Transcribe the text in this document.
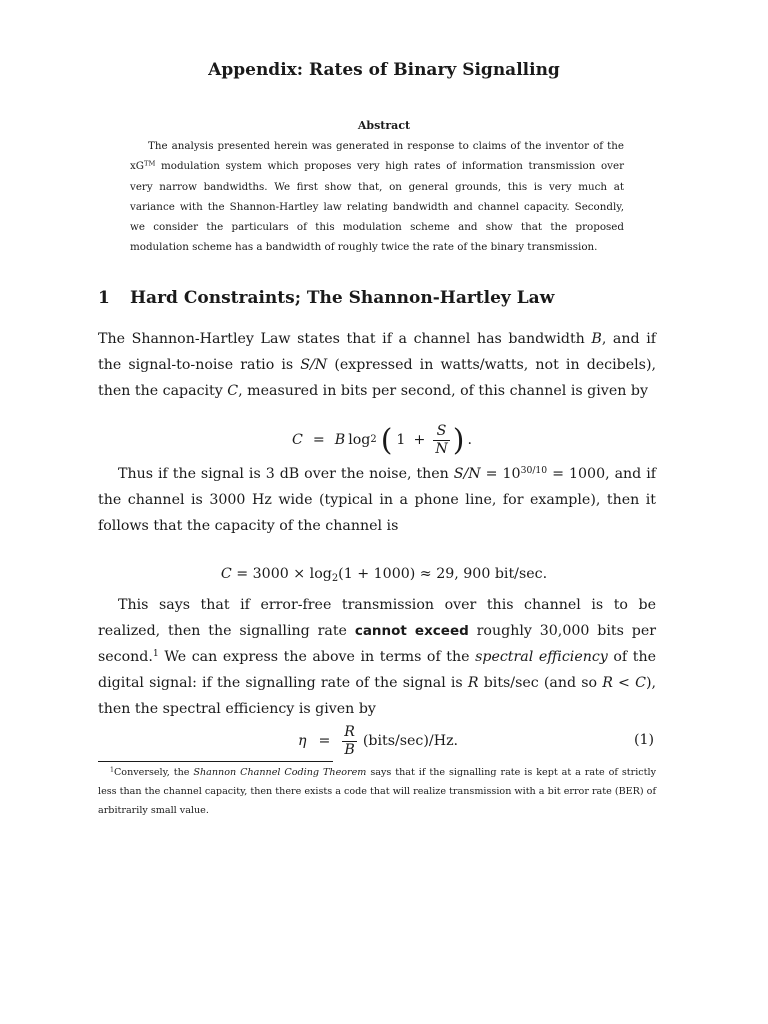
Appendix: Rates of Binary Signalling
Abstract
The analysis presented herein was generated in response to claims of the inventor of the xG™ modulation system which proposes very high rates of information transmission over very narrow bandwidths. We first show that, on general grounds, this is very much at variance with the Shannon-Hartley law relating bandwidth and channel capacity. Secondly, we consider the particulars of this modulation scheme and show that the proposed modulation scheme has a bandwidth of roughly twice the rate of the binary transmission.
1 Hard Constraints; The Shannon-Hartley Law
The Shannon-Hartley Law states that if a channel has bandwidth B, and if the signal-to-noise ratio is S/N (expressed in watts/watts, not in decibels), then the capacity C, measured in bits per second, of this channel is given by
C = B log 2 ( $1 + \frac{S}{N}$ ) .
Thus if the signal is 3 dB over the noise, then $S/N = 10^{30/10} = 1000$, and if the channel is 3000 Hz wide (typical in a phone line, for example), then it follows that the capacity of the channel is
$C = 3000 \times \log_2(1 + 1000) \approx 29$, 900 bit/sec.
This says that if error-free transmission over this channel is to be realized, then the signalling rate cannot exceed roughly 30,000 bits per second.$^1$ We can express the above in terms of the spectral efficiency of the digital signal: if the signalling rate of the signal is R bits/sec (and so R < C), then the spectral efficiency is given by
$\eta = \frac{R}{B}$ (bits/sec)/Hz.	(1)
$^1$Conversely, the Shannon Channel Coding Theorem says that if the signalling rate is kept at a rate of strictly less than the channel capacity, then there exists a code that will realize transmission with a bit error rate (BER) of arbitrarily small value.
